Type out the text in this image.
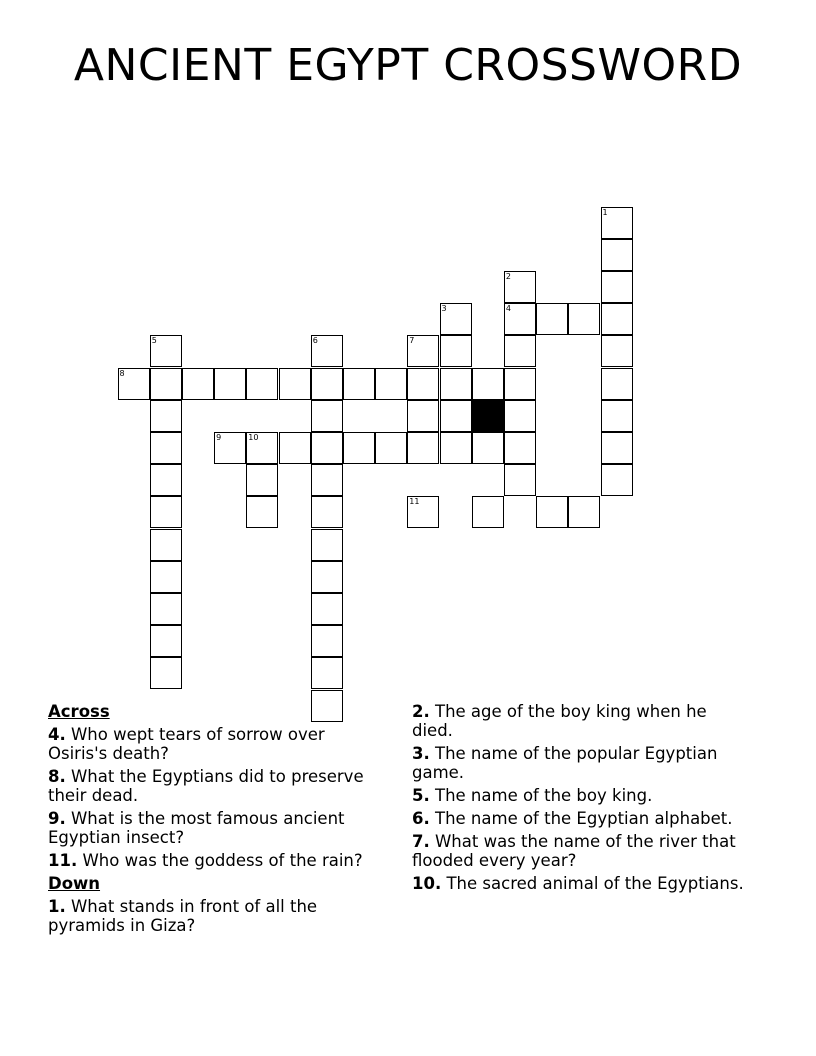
ANCIENT EGYPT CROSSWORD
1
2
4
3
5	6	7
8
9	10
11
Across
4. Who wept tears of sorrow over Osiris's death?
8. What the Egyptians did to preserve their dead.
9. What is the most famous ancient Egyptian insect?
11. Who was the goddess of the rain?
Down
1. What stands in front of all the pyramids in Giza?
2. The age of the boy king when he died.
3. The name of the popular Egyptian game.
5. The name of the boy king.
6. The name of the Egyptian alphabet.
7. What was the name of the river that flooded every year?
10. The sacred animal of the Egyptians.
